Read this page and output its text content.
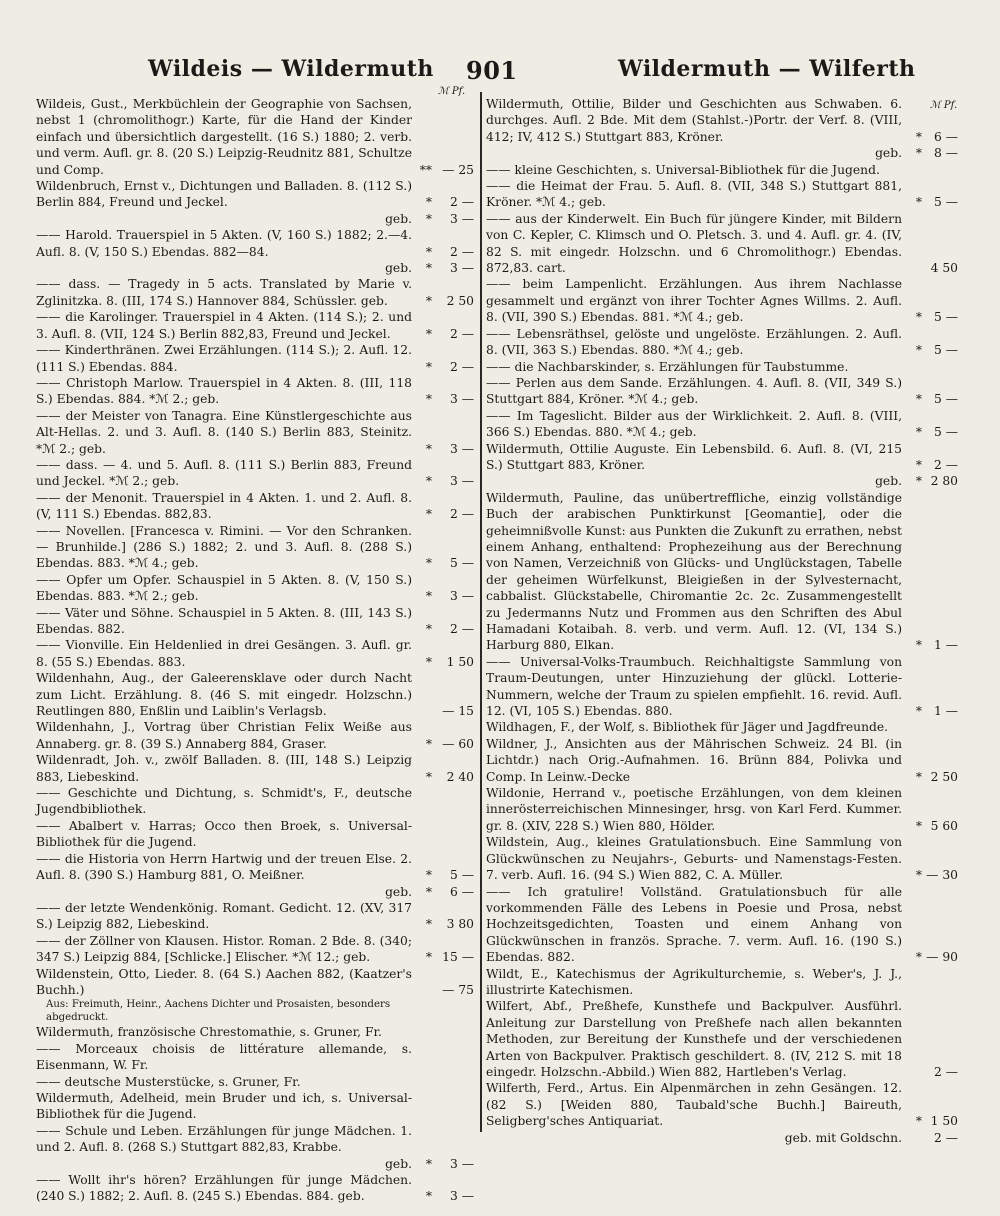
Wildeis — Wildermuth 901	Wildermuth — Wilferth
ℳ Pf.
ℳ Pf.
Wildeis, Gust., Merkbüchlein der Geographie von Sachsen, nebst 1 (chromolithogr.) Karte, für die Hand der Kinder einfach und übersichtlich dargestellt. (16 S.) 1880; 2. verb. und verm. Aufl. gr. 8. (20 S.) Leipzig-Reudnitz 881, Schultze und Comp.	** — 25
Wildenbruch, Ernst v., Dichtungen und Balladen. 8. (112 S.) Berlin 884, Freund und Jeckel.	*	2 —
geb.	*	3 —
—— Harold. Trauerspiel in 5 Akten. (V, 160 S.) 1882; 2.—4. Aufl. 8. (V, 150 S.) Ebendas. 882—84.	*	2 —
geb.	*	3 —
—— dass. — Tragedy in 5 acts. Translated by Marie v. Zglinitzka. 8. (III, 174 S.) Hannover 884, Schüssler. geb.	*	2 50
—— die Karolinger. Trauerspiel in 4 Akten. (114 S.); 2. und 3. Aufl. 8. (VII, 124 S.) Berlin 882,83, Freund und Jeckel.	*	2 —
—— Kinderthränen. Zwei Erzählungen. (114 S.); 2. Aufl. 12. (111 S.) Ebendas. 884.	*	2 —
—— Christoph Marlow. Trauerspiel in 4 Akten. 8. (III, 118 S.) Ebendas. 884. *ℳ 2.; geb.	*	3 —
—— der Meister von Tanagra. Eine Künstlergeschichte aus Alt-Hellas. 2. und 3. Aufl. 8. (140 S.) Berlin 883, Steinitz. *ℳ 2.; geb.	*	3 —
—— dass. — 4. und 5. Aufl. 8. (111 S.) Berlin 883, Freund und Jeckel. *ℳ 2.; geb.	*	3 —
—— der Menonit. Trauerspiel in 4 Akten. 1. und 2. Aufl. 8. (V, 111 S.) Ebendas. 882,83.	*	2 —
—— Novellen. [Francesca v. Rimini. — Vor den Schranken. — Brunhilde.] (286 S.) 1882; 2. und 3. Aufl. 8. (288 S.) Ebendas. 883. *ℳ 4.; geb.	*	5 —
—— Opfer um Opfer. Schauspiel in 5 Akten. 8. (V, 150 S.) Ebendas. 883. *ℳ 2.; geb.	*	3 —
—— Väter und Söhne. Schauspiel in 5 Akten. 8. (III, 143 S.) Ebendas. 882.	*	2 —
—— Vionville. Ein Heldenlied in drei Gesängen. 3. Aufl. gr. 8. (55 S.) Ebendas. 883.	*	1 50
Wildenhahn, Aug., der Galeerensklave oder durch Nacht zum Licht. Erzählung. 8. (46 S. mit eingedr. Holzschn.) Reutlingen 880, Enßlin und Laiblin's Verlagsb.	— 15
Wildenhahn, J., Vortrag über Christian Felix Weiße aus Annaberg. gr. 8. (39 S.) Annaberg 884, Graser.	* — 60
Wildenradt, Joh. v., zwölf Balladen. 8. (III, 148 S.) Leipzig 883, Liebeskind.	*	2 40
—— Geschichte und Dichtung, s. Schmidt's, F., deutsche Jugendbibliothek.
—— Abalbert v. Harras; Occo then Broek, s. Universal-Bibliothek für die Jugend.
—— die Historia von Herrn Hartwig und der treuen Else. 2. Aufl. 8. (390 S.) Hamburg 881, O. Meißner.	*	5 —
geb.	*	6 —
—— der letzte Wendenkönig. Romant. Gedicht. 12. (XV, 317 S.) Leipzig 882, Liebeskind.	*	3 80
—— der Zöllner von Klausen. Histor. Roman. 2 Bde. 8. (340; 347 S.) Leipzig 884, [Schlicke.] Elischer. *ℳ 12.; geb.	* 15 —
Wildenstein, Otto, Lieder. 8. (64 S.) Aachen 882, (Kaatzer's Buchh.)	— 75
Aus: Freimuth, Heinr., Aachens Dichter und Prosaisten, besonders abgedruckt.
Wildermuth, französische Chrestomathie, s. Gruner, Fr.
—— Morceaux choisis de littérature allemande, s. Eisenmann, W. Fr.
—— deutsche Musterstücke, s. Gruner, Fr.
Wildermuth, Adelheid, mein Bruder und ich, s. Universal-Bibliothek für die Jugend.
—— Schule und Leben. Erzählungen für junge Mädchen. 1. und 2. Aufl. 8. (268 S.) Stuttgart 882,83, Krabbe.
geb.	*	3 —
—— Wollt ihr's hören? Erzählungen für junge Mädchen. (240 S.) 1882; 2. Aufl. 8. (245 S.) Ebendas. 884. geb.	*	3 —
Wildermuth, Ottilie, Bilder und Geschichten aus Schwaben. 6. durchges. Aufl. 2 Bde. Mit dem (Stahlst.-)Portr. der Verf. 8. (VIII, 412; IV, 412 S.) Stuttgart 883, Kröner.	* 6 —
geb.	* 8 —
—— kleine Geschichten, s. Universal-Bibliothek für die Jugend.
—— die Heimat der Frau. 5. Aufl. 8. (VII, 348 S.) Stuttgart 881, Kröner. *ℳ 4.; geb.	* 5 —
—— aus der Kinderwelt. Ein Buch für jüngere Kinder, mit Bildern von C. Kepler, C. Klimsch und O. Pletsch. 3. und 4. Aufl. gr. 4. (IV, 82 S. mit eingedr. Holzschn. und 6 Chromolithogr.) Ebendas. 872,83. cart.	4 50
—— beim Lampenlicht. Erzählungen. Aus ihrem Nachlasse gesammelt und ergänzt von ihrer Tochter Agnes Willms. 2. Aufl. 8. (VII, 390 S.) Ebendas. 881. *ℳ 4.; geb.	* 5 —
—— Lebensräthsel, gelöste und ungelöste. Erzählungen. 2. Aufl. 8. (VII, 363 S.) Ebendas. 880. *ℳ 4.; geb.	* 5 —
—— die Nachbarskinder, s. Erzählungen für Taubstumme.
—— Perlen aus dem Sande. Erzählungen. 4. Aufl. 8. (VII, 349 S.) Stuttgart 884, Kröner. *ℳ 4.; geb.	* 5 —
—— Im Tageslicht. Bilder aus der Wirklichkeit. 2. Aufl. 8. (VIII, 366 S.) Ebendas. 880. *ℳ 4.; geb.	* 5 —
Wildermuth, Ottilie Auguste. Ein Lebensbild. 6. Aufl. 8. (VI, 215 S.) Stuttgart 883, Kröner.	* 2 —
geb.	* 2 80
Wildermuth, Pauline, das unübertreffliche, einzig vollständige Buch der arabischen Punktirkunst [Geomantie], oder die geheimnißvolle Kunst: aus Punkten die Zukunft zu errathen, nebst einem Anhang, enthaltend: Prophezeihung aus der Berechnung von Namen, Verzeichniß von Glücks- und Unglückstagen, Tabelle der geheimen Würfelkunst, Bleigießen in der Sylvesternacht, cabbalist. Glückstabelle, Chiromantie 2c. 2c. Zusammengestellt zu Jedermanns Nutz und Frommen aus den Schriften des Abul Hamadani Kotaibah. 8. verb. und verm. Aufl. 12. (VI, 134 S.) Harburg 880, Elkan.	* 1 —
—— Universal-Volks-Traumbuch. Reichhaltigste Sammlung von Traum-Deutungen, unter Hinzuziehung der glückl. Lotterie-Nummern, welche der Traum zu spielen empfiehlt. 16. revid. Aufl. 12. (VI, 105 S.) Ebendas. 880.	* 1 —
Wildhagen, F., der Wolf, s. Bibliothek für Jäger und Jagdfreunde.
Wildner, J., Ansichten aus der Mährischen Schweiz. 24 Bl. (in Lichtdr.) nach Orig.-Aufnahmen. 16. Brünn 884, Polivka und Comp. In Leinw.-Decke	* 2 50
Wildonie, Herrand v., poetische Erzählungen, von dem kleinen innerösterreichischen Minnesinger, hrsg. von Karl Ferd. Kummer. gr. 8. (XIV, 228 S.) Wien 880, Hölder.	* 5 60
Wildstein, Aug., kleines Gratulationsbuch. Eine Sammlung von Glückwünschen zu Neujahrs-, Geburts- und Namenstags-Festen. 7. verb. Aufl. 16. (94 S.) Wien 882, C. A. Müller.	* — 30
—— Ich gratulire! Vollständ. Gratulationsbuch für alle vorkommenden Fälle des Lebens in Poesie und Prosa, nebst Hochzeitsgedichten, Toasten und einem Anhang von Glückwünschen in französ. Sprache. 7. verm. Aufl. 16. (190 S.) Ebendas. 882.	* — 90
Wildt, E., Katechismus der Agrikulturchemie, s. Weber's, J. J., illustrirte Katechismen.
Wilfert, Abf., Preßhefe, Kunsthefe und Backpulver. Ausführl. Anleitung zur Darstellung von Preßhefe nach allen bekannten Methoden, zur Bereitung der Kunsthefe und der verschiedenen Arten von Backpulver. Praktisch geschildert. 8. (IV, 212 S. mit 18 eingedr. Holzschn.-Abbild.) Wien 882, Hartleben's Verlag.	2 —
Wilferth, Ferd., Artus. Ein Alpenmärchen in zehn Gesängen. 12. (82 S.) [Weiden 880, Taubald'sche Buchh.] Baireuth, Seligberg'sches Antiquariat.	* 1 50
geb. mit Goldschn.	2 —
